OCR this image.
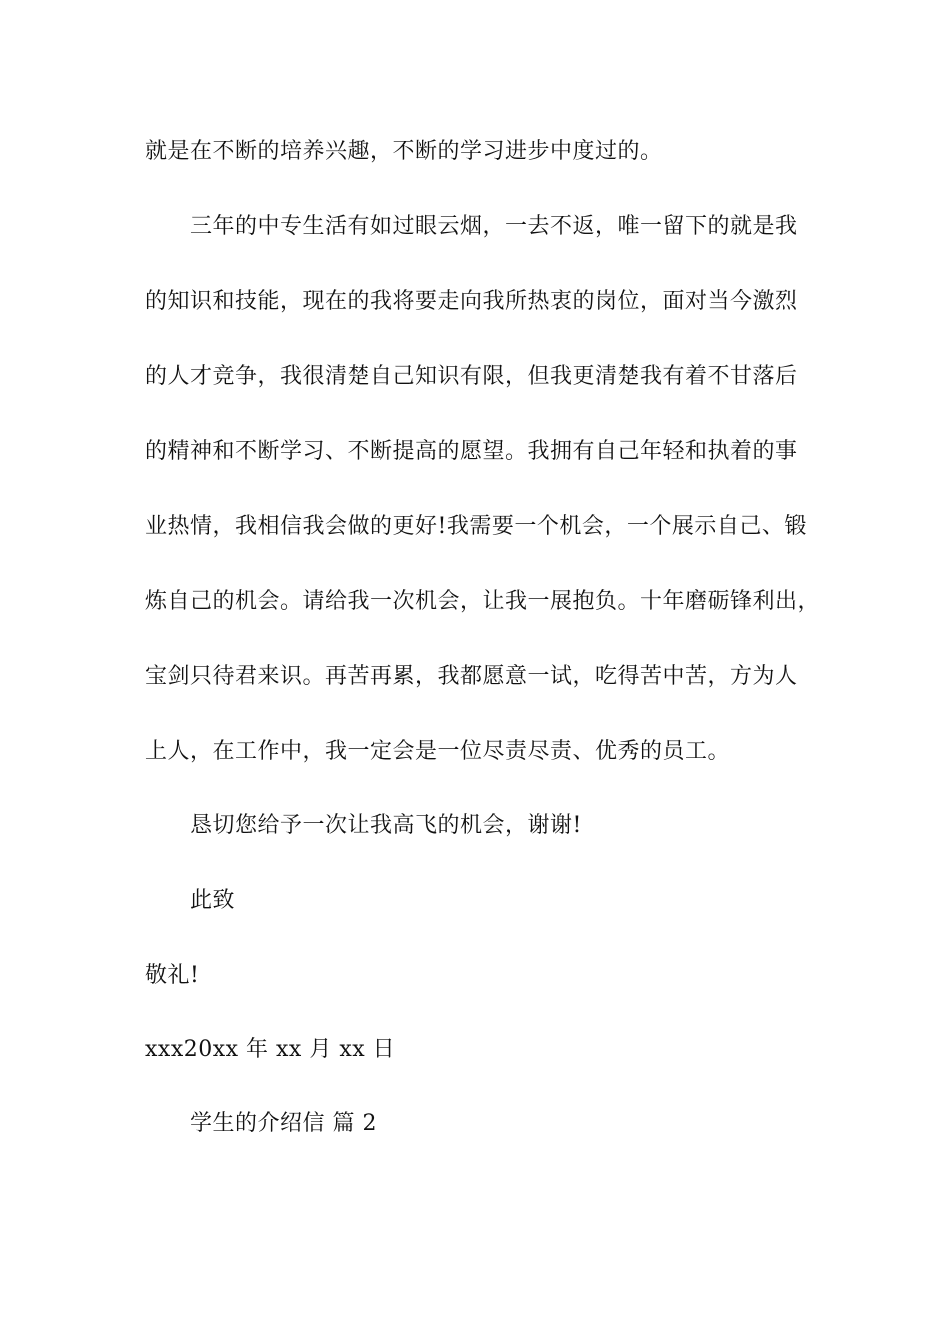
就是在不断的培养兴趣，不断的学习进步中度过的。
三年的中专生活有如过眼云烟，一去不返，唯一留下的就是我
的知识和技能，现在的我将要走向我所热衷的岗位，面对当今激烈
的人才竞争，我很清楚自己知识有限，但我更清楚我有着不甘落后
的精神和不断学习、不断提高的愿望。我拥有自己年轻和执着的事
业热情，我相信我会做的更好!我需要一个机会，一个展示自己、锻
炼自己的机会。请给我一次机会，让我一展抱负。十年磨砺锋利出，
宝剑只待君来识。再苦再累，我都愿意一试，吃得苦中苦，方为人
上人，在工作中，我一定会是一位尽责尽责、优秀的员工。
恳切您给予一次让我高飞的机会，谢谢!
此致
敬礼!
xxx20xx 年 xx 月 xx 日
学生的介绍信 篇 2
